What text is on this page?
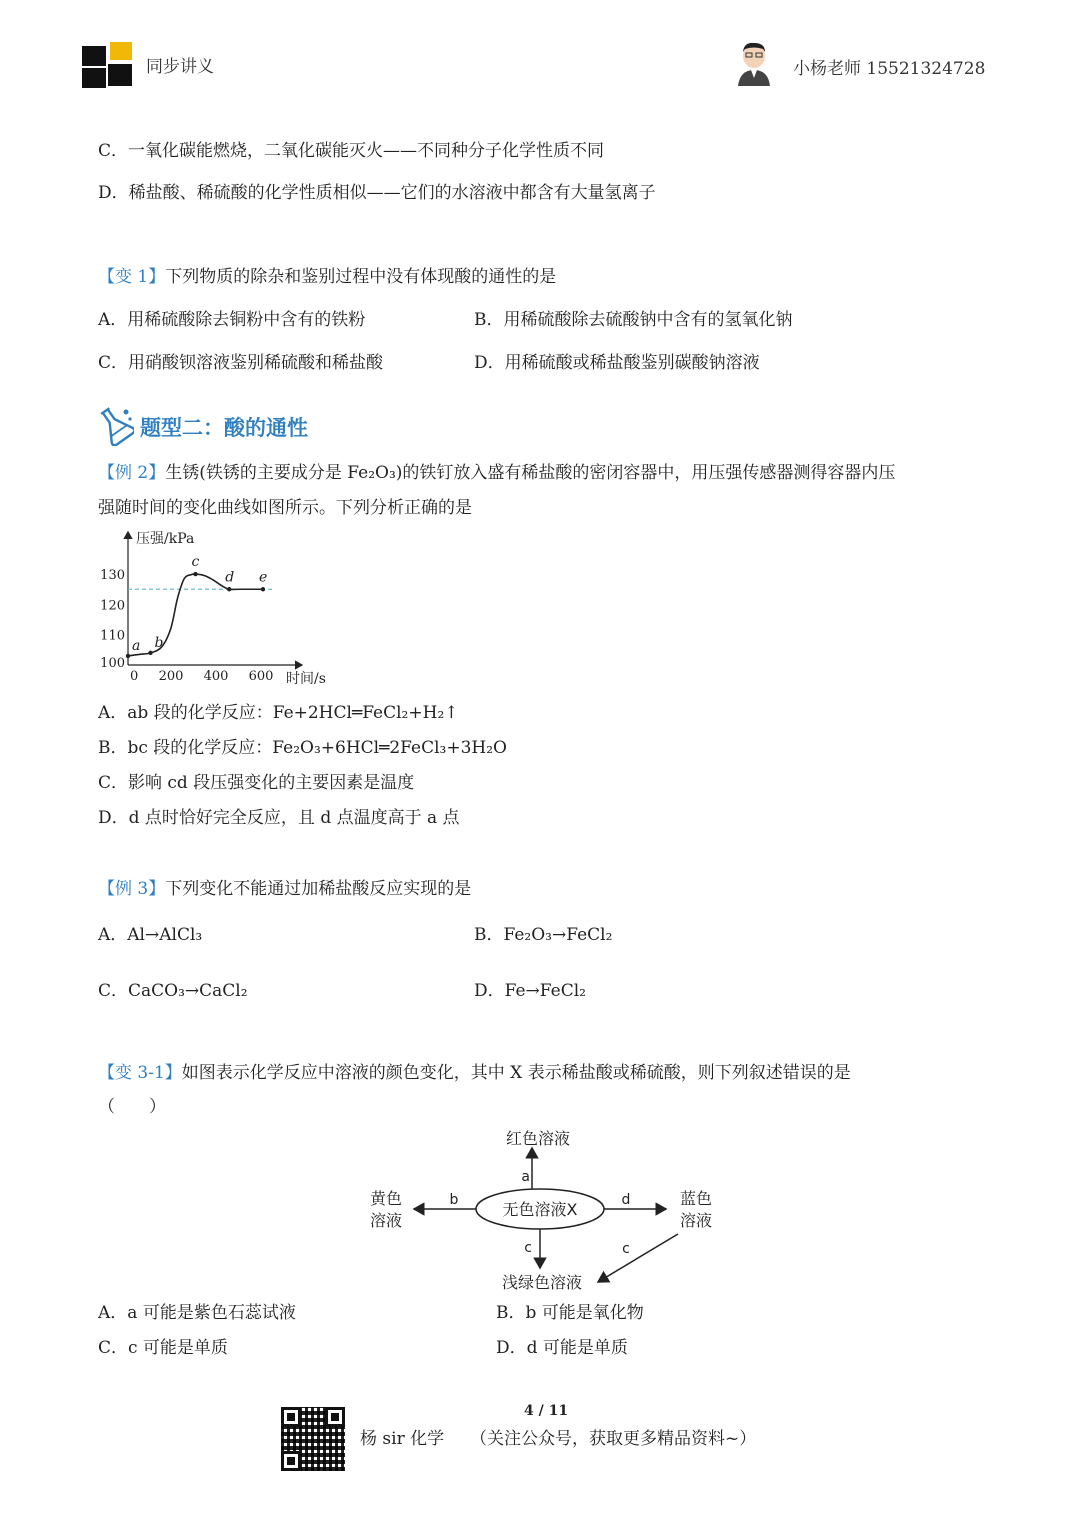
同步讲义	小杨老师 15521324728
C．一氧化碳能燃烧，二氧化碳能灭火——不同种分子化学性质不同
D．稀盐酸、稀硫酸的化学性质相似——它们的水溶液中都含有大量氢离子
【变 1】下列物质的除杂和鉴别过程中没有体现酸的通性的是
A．用稀硫酸除去铜粉中含有的铁粉	B．用稀硫酸除去硫酸钠中含有的氢氧化钠
C．用硝酸钡溶液鉴别稀硫酸和稀盐酸	D．用稀硫酸或稀盐酸鉴别碳酸钠溶液
题型二：酸的通性
【例 2】生锈(铁锈的主要成分是 Fe₂O₃)的铁钉放入盛有稀盐酸的密闭容器中，用压强传感器测得容器内压
强随时间的变化曲线如图所示。下列分析正确的是
压强/kPa
时间/s
0 200 400 600
100
110
120
130
a b
c
d e
A．ab 段的化学反应：Fe+2HCl═FeCl₂+H₂↑
B．bc 段的化学反应：Fe₂O₃+6HCl═2FeCl₃+3H₂O
C．影响 cd 段压强变化的主要因素是温度
D．d 点时恰好完全反应，且 d 点温度高于 a 点
【例 3】下列变化不能通过加稀盐酸反应实现的是
A．Al→AlCl₃	B．Fe₂O₃→FeCl₂
C．CaCO₃→CaCl₂	D．Fe→FeCl₂
【变 3-1】如图表示化学反应中溶液的颜色变化，其中 X 表示稀盐酸或稀硫酸，则下列叙述错误的是
（　　）
无色溶液X
红色溶液
a
黄色
溶液
b	蓝色
溶液
d
c
浅绿色溶液
c
A．a 可能是紫色石蕊试液	B．b 可能是氧化物
C．c 可能是单质	D．d 可能是单质
4 / 11
杨 sir 化学 （关注公众号，获取更多精品资料~）
